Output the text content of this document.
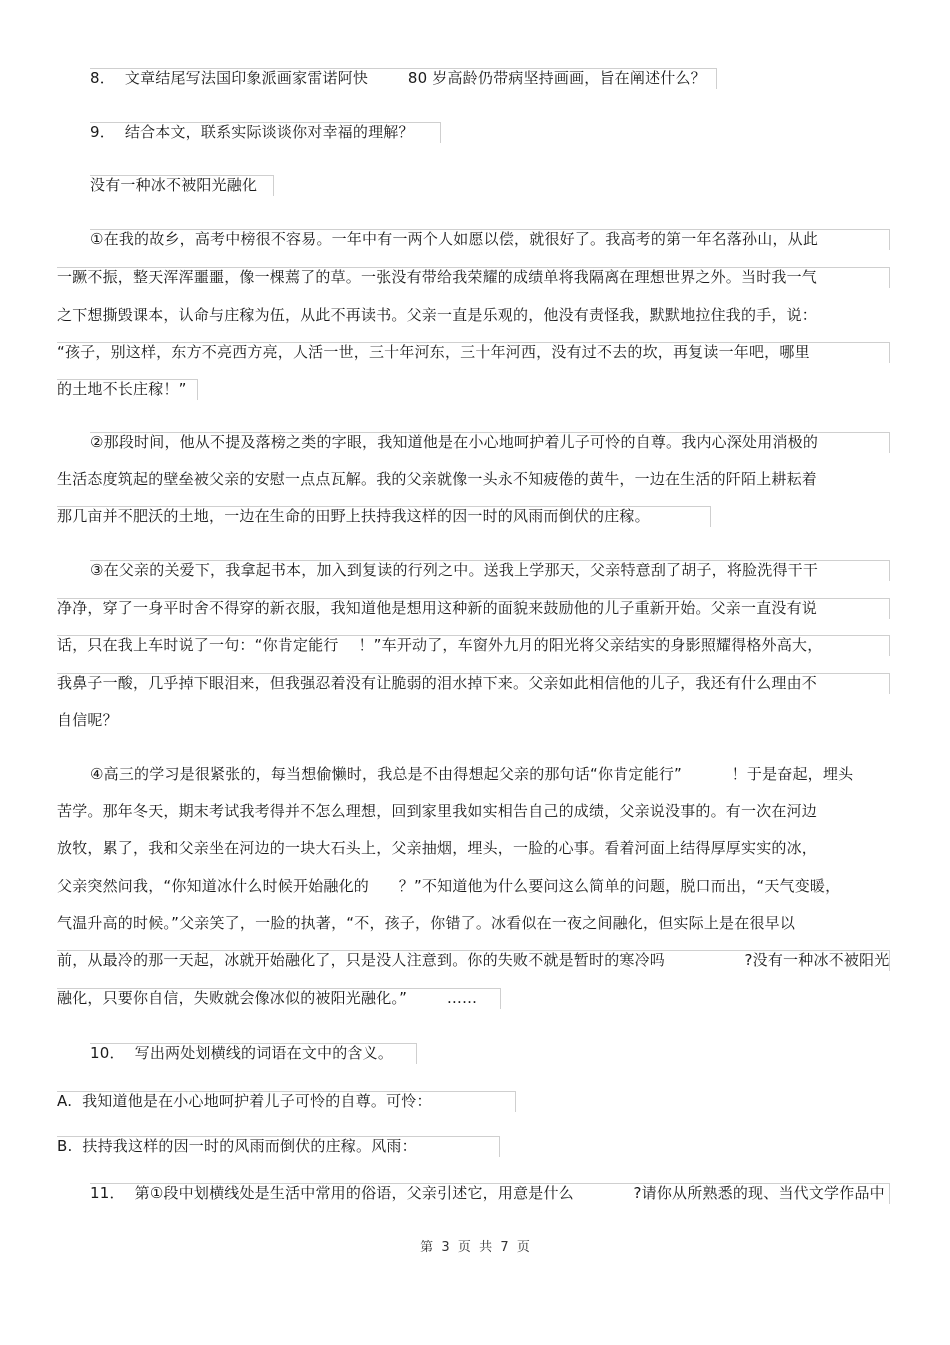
8．  文章结尾写法国印象派画家雷诺阿快        80 岁高龄仍带病坚持画画，旨在阐述什么？
9．  结合本文，联系实际谈谈你对幸福的理解？
没有一种冰不被阳光融化
①在我的故乡，高考中榜很不容易。一年中有一两个人如愿以偿，就很好了。我高考的第一年名落孙山，从此
一蹶不振，整天浑浑噩噩，像一棵蔫了的草。一张没有带给我荣耀的成绩单将我隔离在理想世界之外。当时我一气
之下想撕毁课本，认命与庄稼为伍，从此不再读书。父亲一直是乐观的，他没有责怪我，默默地拉住我的手，说：
“孩子，别这样，东方不亮西方亮，人活一世，三十年河东，三十年河西，没有过不去的坎，再复读一年吧，哪里
的土地不长庄稼！”
②那段时间，他从不提及落榜之类的字眼，我知道他是在小心地呵护着儿子可怜的自尊。我内心深处用消极的
生活态度筑起的壁垒被父亲的安慰一点点瓦解。我的父亲就像一头永不知疲倦的黄牛，一边在生活的阡陌上耕耘着
那几亩并不肥沃的土地，一边在生命的田野上扶持我这样的因一时的风雨而倒伏的庄稼。
③在父亲的关爱下，我拿起书本，加入到复读的行列之中。送我上学那天，父亲特意刮了胡子，将脸洗得干干
净净，穿了一身平时舍不得穿的新衣服，我知道他是想用这种新的面貌来鼓励他的儿子重新开始。父亲一直没有说
话，只在我上车时说了一句：“你肯定能行    ！”车开动了，车窗外九月的阳光将父亲结实的身影照耀得格外高大，
我鼻子一酸，几乎掉下眼泪来，但我强忍着没有让脆弱的泪水掉下来。父亲如此相信他的儿子，我还有什么理由不
自信呢？
④高三的学习是很紧张的，每当想偷懒时，我总是不由得想起父亲的那句话“你肯定能行”          ！于是奋起，埋头
苦学。那年冬天，期末考试我考得并不怎么理想，回到家里我如实相告自己的成绩，父亲说没事的。有一次在河边
放牧，累了，我和父亲坐在河边的一块大石头上，父亲抽烟，埋头，一脸的心事。看着河面上结得厚厚实实的冰，
父亲突然问我，“你知道冰什么时候开始融化的      ？”不知道他为什么要问这么简单的问题，脱口而出，“天气变暖，
气温升高的时候。”父亲笑了，一脸的执著，“不，孩子，你错了。冰看似在一夜之间融化，但实际上是在很早以
前，从最冷的那一天起，冰就开始融化了，只是没人注意到。你的失败不就是暂时的寒冷吗                ?没有一种冰不被阳光
融化，只要你自信，失败就会像冰似的被阳光融化。”        ……
10．  写出两处划横线的词语在文中的含义。
A.  我知道他是在小心地呵护着儿子可怜的自尊。可怜：
B.  扶持我这样的因一时的风雨而倒伏的庄稼。风雨：
11．  第①段中划横线处是生活中常用的俗语，父亲引述它，用意是什么            ?请你从所熟悉的现、当代文学作品中
第  3  页  共  7  页
